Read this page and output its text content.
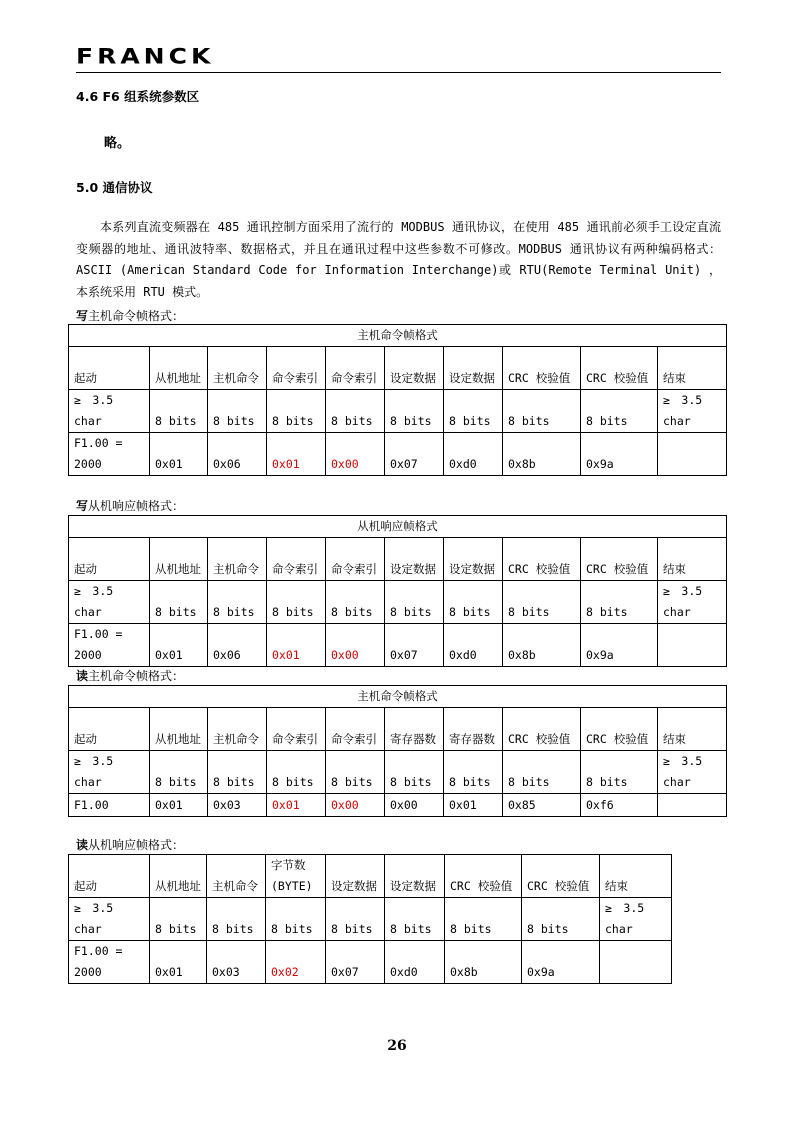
FRANCK
4.6 F6 组系统参数区
略。
5.0 通信协议

本系列直流变频器在 485 通讯控制方面采用了流行的 MODBUS 通讯协议，在使用 485 通讯前必须手工设定直流变频器的地址、通讯波特率、数据格式，并且在通讯过程中这些参数不可修改。MODBUS 通讯协议有两种编码格式：ASCII (American Standard Code for Information Interchange)或 RTU(Remote Terminal Unit) ，本系统采用 RTU 模式。

写主机命令帧格式：
主机命令帧格式									
起动	从机地址	主机命令	命令索引	命令索引	设定数据	设定数据	CRC 校验值	CRC 校验值	结束
≥　3.5 char	8 bits	8 bits	8 bits	8 bits	8 bits	8 bits	8 bits	8 bits	≥　3.5 char
F1.00 = 2000	0x01	0x06	0x01	0x00	0x07	0xd0	0x8b	0x9a	
写从机响应帧格式：
从机响应帧格式									
起动	从机地址	主机命令	命令索引	命令索引	设定数据	设定数据	CRC 校验值	CRC 校验值	结束
≥　3.5 char	8 bits	8 bits	8 bits	8 bits	8 bits	8 bits	8 bits	8 bits	≥　3.5 char
F1.00 = 2000	0x01	0x06	0x01	0x00	0x07	0xd0	0x8b	0x9a	
读主机命令帧格式：
主机命令帧格式									
起动	从机地址	主机命令	命令索引	命令索引	寄存器数	寄存器数	CRC 校验值	CRC 校验值	结束
≥　3.5 char	8 bits	8 bits	8 bits	8 bits	8 bits	8 bits	8 bits	8 bits	≥　3.5 char
F1.00	0x01	0x03	0x01	0x00	0x00	0x01	0x85	0xf6	
读从机响应帧格式：
起动	从机地址	主机命令	字节数(BYTE)	设定数据	设定数据	CRC 校验值	CRC 校验值	结束
≥　3.5 char	8 bits	8 bits	8 bits	8 bits	8 bits	8 bits	8 bits	≥　3.5 char
F1.00 = 2000	0x01	0x03	0x02	0x07	0xd0	0x8b	0x9a	
26
